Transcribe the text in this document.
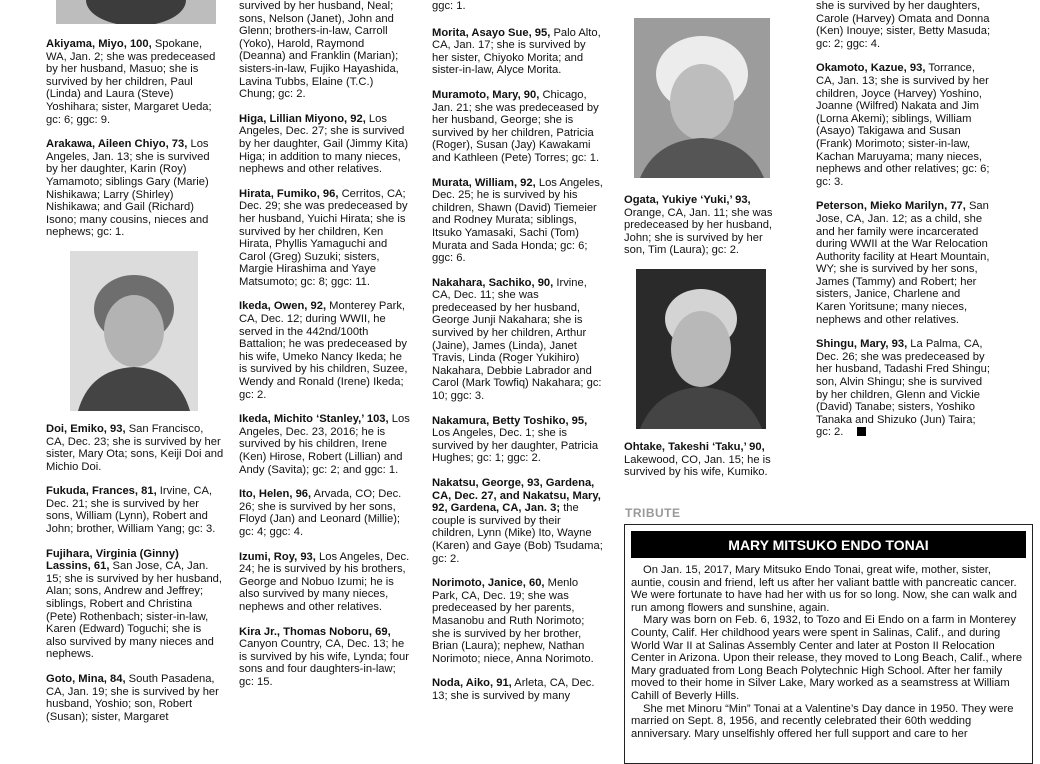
Akiyama, Miyo, 100, Spokane, WA, Jan. 2; she was predeceased by her husband, Masuo; she is survived by her children, Paul (Linda) and Laura (Steve) Yoshihara; sister, Margaret Ueda; gc: 6; ggc: 9.
Arakawa, Aileen Chiyo, 73, Los Angeles, Jan. 13; she is survived by her daughter, Karin (Roy) Yamamoto; siblings Gary (Marie) Nishikawa; Larry (Shirley) Nishikawa; and Gail (Richard) Isono; many cousins, nieces and nephews; gc: 1.
Doi, Emiko, 93, San Francisco, CA, Dec. 23; she is survived by her sister, Mary Ota; sons, Keiji Doi and Michio Doi.
Fukuda, Frances, 81, Irvine, CA, Dec. 21; she is survived by her sons, William (Lynn), Robert and John; brother, William Yang; gc: 3.
Fujihara, Virginia (Ginny) Lassins, 61, San Jose, CA, Jan. 15; she is survived by her husband, Alan; sons, Andrew and Jeffrey; siblings, Robert and Christina (Pete) Rothenbach; sister-in-law, Karen (Edward) Toguchi; she is also survived by many nieces and nephews.
Goto, Mina, 84, South Pasadena, CA, Jan. 19; she is survived by her husband, Yoshio; son, Robert (Susan); sister, Margaret
survived by her husband, Neal; sons, Nelson (Janet), John and Glenn; brothers-in-law, Carroll (Yoko), Harold, Raymond (Deanna) and Franklin (Marian); sisters-in-law, Fujiko Hayashida, Lavina Tubbs, Elaine (T.C.) Chung; gc: 2.
Higa, Lillian Miyono, 92, Los Angeles, Dec. 27; she is survived by her daughter, Gail (Jimmy Kita) Higa; in addition to many nieces, nephews and other relatives.
Hirata, Fumiko, 96, Cerritos, CA; Dec. 29; she was predeceased by her husband, Yuichi Hirata; she is survived by her children, Ken Hirata, Phyllis Yamaguchi and Carol (Greg) Suzuki; sisters, Margie Hirashima and Yaye Matsumoto; gc: 8; ggc: 11.
Ikeda, Owen, 92, Monterey Park, CA, Dec. 12; during WWII, he served in the 442nd/100th Battalion; he was predeceased by his wife, Umeko Nancy Ikeda; he is survived by his children, Suzee, Wendy and Ronald (Irene) Ikeda; gc: 2.
Ikeda, Michito ‘Stanley,’ 103, Los Angeles, Dec. 23, 2016; he is survived by his children, Irene (Ken) Hirose, Robert (Lillian) and Andy (Savita); gc: 2; and ggc: 1.
Ito, Helen, 96, Arvada, CO; Dec. 26; she is survived by her sons, Floyd (Jan) and Leonard (Millie); gc: 4; ggc: 4.
Izumi, Roy, 93, Los Angeles, Dec. 24; he is survived by his brothers, George and Nobuo Izumi; he is also survived by many nieces, nephews and other relatives.
Kira Jr., Thomas Noboru, 69, Canyon Country, CA, Dec. 13; he is survived by his wife, Lynda; four sons and four daughters-in-law; gc: 15.
ggc: 1.
Morita, Asayo Sue, 95, Palo Alto, CA, Jan. 17; she is survived by her sister, Chiyoko Morita; and sister-in-law, Alyce Morita.
Muramoto, Mary, 90, Chicago, Jan. 21; she was predeceased by her husband, George; she is survived by her children, Patricia (Roger), Susan (Jay) Kawakami and Kathleen (Pete) Torres; gc: 1.
Murata, William, 92, Los Angeles, Dec. 25; he is survived by his children, Shawn (David) Tiemeier and Rodney Murata; siblings, Itsuko Yamasaki, Sachi (Tom) Murata and Sada Honda; gc: 6; ggc: 6.
Nakahara, Sachiko, 90, Irvine, CA, Dec. 11; she was predeceased by her husband, George Junji Nakahara; she is survived by her children, Arthur (Jaine), James (Linda), Janet Travis, Linda (Roger Yukihiro) Nakahara, Debbie Labrador and Carol (Mark Towfiq) Nakahara; gc: 10; ggc: 3.
Nakamura, Betty Toshiko, 95, Los Angeles, Dec. 1; she is survived by her daughter, Patricia Hughes; gc: 1; ggc: 2.
Nakatsu, George, 93, Gardena, CA, Dec. 27, and Nakatsu, Mary, 92, Gardena, CA, Jan. 3; the couple is survived by their children, Lynn (Mike) Ito, Wayne (Karen) and Gaye (Bob) Tsudama; gc: 2.
Norimoto, Janice, 60, Menlo Park, CA, Dec. 19; she was predeceased by her parents, Masanobu and Ruth Norimoto; she is survived by her brother, Brian (Laura); nephew, Nathan Norimoto; niece, Anna Norimoto.
Noda, Aiko, 91, Arleta, CA, Dec. 13; she is survived by many
Ogata, Yukiye ‘Yuki,’ 93, Orange, CA, Jan. 11; she was predeceased by her husband, John; she is survived by her son, Tim (Laura); gc: 2.
Ohtake, Takeshi ‘Taku,’ 90, Lakewood, CO, Jan. 15; he is survived by his wife, Kumiko.
she is survived by her daughters, Carole (Harvey) Omata and Donna (Ken) Inouye; sister, Betty Masuda; gc: 2; ggc: 4.
Okamoto, Kazue, 93, Torrance, CA, Jan. 13; she is survived by her children, Joyce (Harvey) Yoshino, Joanne (Wilfred) Nakata and Jim (Lorna Akemi); siblings, William (Asayo) Takigawa and Susan (Frank) Morimoto; sister-in-law, Kachan Maruyama; many nieces, nephews and other relatives; gc: 6; gc: 3.
Peterson, Mieko Marilyn, 77, San Jose, CA, Jan. 12; as a child, she and her family were incarcerated during WWII at the War Relocation Authority facility at Heart Mountain, WY; she is survived by her sons, James (Tammy) and Robert; her sisters, Janice, Charlene and Karen Yoritsune; many nieces, nephews and other relatives.
Shingu, Mary, 93, La Palma, CA, Dec. 26; she was predeceased by her husband, Tadashi Fred Shingu; son, Alvin Shingu; she is survived by her children, Glenn and Vickie (David) Tanabe; sisters, Yoshiko Tanaka and Shizuko (Jun) Taira; gc: 2.
TRIBUTE
MARY MITSUKO ENDO TONAI

On Jan. 15, 2017, Mary Mitsuko Endo Tonai, great wife, mother, sister, auntie, cousin and friend, left us after her valiant battle with pancreatic cancer. We were fortunate to have had her with us for so long. Now, she can walk and run among flowers and sunshine, again.

Mary was born on Feb. 6, 1932, to Tozo and Ei Endo on a farm in Monterey County, Calif. Her childhood years were spent in Salinas, Calif., and during World War II at Salinas Assembly Center and later at Poston II Relocation Center in Arizona. Upon their release, they moved to Long Beach, Calif., where Mary graduated from Long Beach Polytechnic High School. After her family moved to their home in Silver Lake, Mary worked as a seamstress at William Cahill of Beverly Hills.

She met Minoru “Min” Tonai at a Valentine’s Day dance in 1950. They were married on Sept. 8, 1956, and recently celebrated their 60th wedding anniversary. Mary unselfishly offered her full support and care to her
